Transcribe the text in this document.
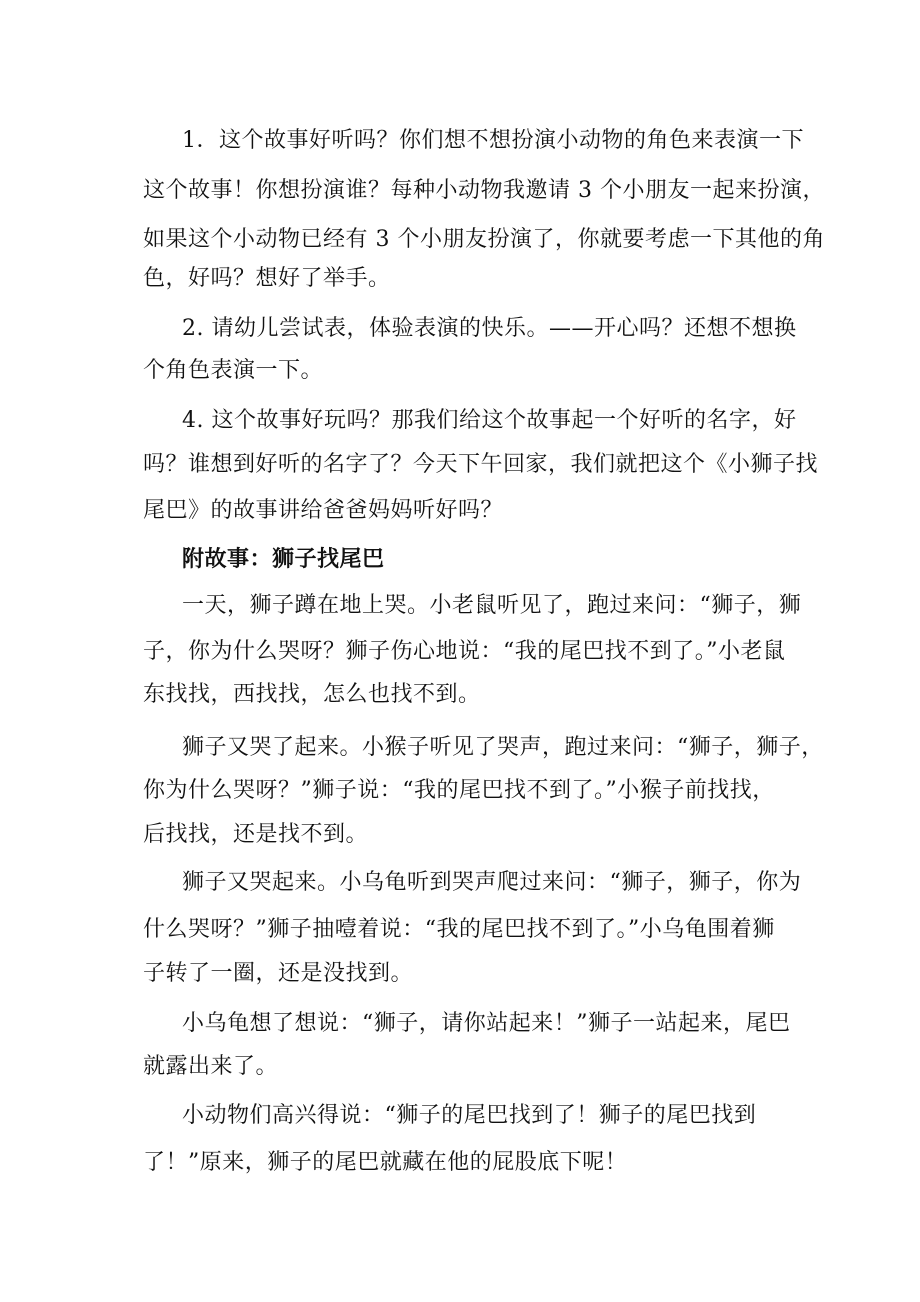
1．这个故事好听吗？你们想不想扮演小动物的角色来表演一下
这个故事！你想扮演谁？每种小动物我邀请 3 个小朋友一起来扮演，
如果这个小动物已经有 3 个小朋友扮演了，你就要考虑一下其他的角
色，好吗？想好了举手。
2. 请幼儿尝试表，体验表演的快乐。——开心吗？还想不想换
个角色表演一下。
4. 这个故事好玩吗？那我们给这个故事起一个好听的名字，好
吗？谁想到好听的名字了？今天下午回家，我们就把这个《小狮子找
尾巴》的故事讲给爸爸妈妈听好吗？
附故事：狮子找尾巴
一天，狮子蹲在地上哭。小老鼠听见了，跑过来问：“狮子，狮
子，你为什么哭呀？狮子伤心地说：“我的尾巴找不到了。”小老鼠
东找找，西找找，怎么也找不到。
狮子又哭了起来。小猴子听见了哭声，跑过来问：“狮子，狮子，
你为什么哭呀？”狮子说：“我的尾巴找不到了。”小猴子前找找，
后找找，还是找不到。
狮子又哭起来。小乌龟听到哭声爬过来问：“狮子，狮子，你为
什么哭呀？”狮子抽噎着说：“我的尾巴找不到了。”小乌龟围着狮
子转了一圈，还是没找到。
小乌龟想了想说：“狮子，请你站起来！”狮子一站起来，尾巴
就露出来了。
小动物们高兴得说：“狮子的尾巴找到了！狮子的尾巴找到
了！”原来，狮子的尾巴就藏在他的屁股底下呢！
